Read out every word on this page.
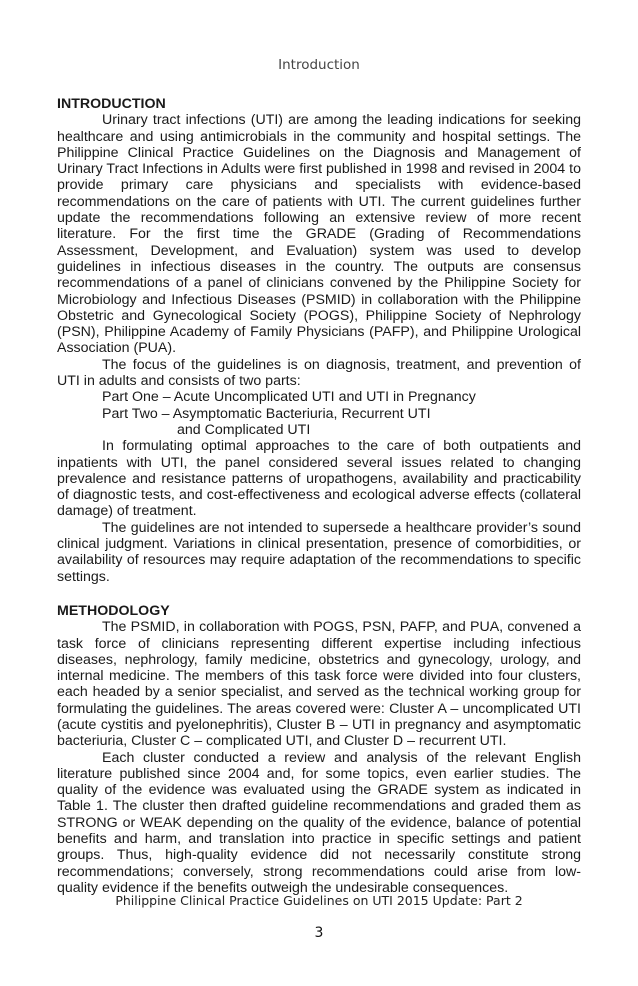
Introduction

INTRODUCTION

Urinary tract infections (UTI) are among the leading indications for seeking healthcare and using antimicrobials in the community and hospital settings. The Philippine Clinical Practice Guidelines on the Diagnosis and Management of Urinary Tract Infections in Adults were first published in 1998 and revised in 2004 to provide primary care physicians and specialists with evidence-based recommendations on the care of patients with UTI. The current guidelines further update the recommendations following an extensive review of more recent literature. For the first time the GRADE (Grading of Recommendations Assessment, Development, and Evaluation) system was used to develop guidelines in infectious diseases in the country. The outputs are consensus recommendations of a panel of clinicians convened by the Philippine Society for Microbiology and Infectious Diseases (PSMID) in collaboration with the Philippine Obstetric and Gynecological Society (POGS), Philippine Society of Nephrology (PSN), Philippine Academy of Family Physicians (PAFP), and Philippine Urological Association (PUA).

The focus of the guidelines is on diagnosis, treatment, and prevention of UTI in adults and consists of two parts:

Part One – Acute Uncomplicated UTI and UTI in Pregnancy

Part Two – Asymptomatic Bacteriuria, Recurrent UTI

and Complicated UTI

In formulating optimal approaches to the care of both outpatients and inpatients with UTI, the panel considered several issues related to changing prevalence and resistance patterns of uropathogens, availability and practicability of diagnostic tests, and cost-effectiveness and ecological adverse effects (collateral damage) of treatment.

The guidelines are not intended to supersede a healthcare provider’s sound clinical judgment. Variations in clinical presentation, presence of comorbidities, or availability of resources may require adaptation of the recommendations to specific settings.

METHODOLOGY

The PSMID, in collaboration with POGS, PSN, PAFP, and PUA, convened a task force of clinicians representing different expertise including infectious diseases, nephrology, family medicine, obstetrics and gynecology, urology, and internal medicine. The members of this task force were divided into four clusters, each headed by a senior specialist, and served as the technical working group for formulating the guidelines. The areas covered were: Cluster A – uncomplicated UTI (acute cystitis and pyelonephritis), Cluster B – UTI in pregnancy and asymptomatic bacteriuria, Cluster C – complicated UTI, and Cluster D – recurrent UTI.

Each cluster conducted a review and analysis of the relevant English literature published since 2004 and, for some topics, even earlier studies. The quality of the evidence was evaluated using the GRADE system as indicated in Table 1. The cluster then drafted guideline recommendations and graded them as STRONG or WEAK depending on the quality of the evidence, balance of potential benefits and harm, and translation into practice in specific settings and patient groups. Thus, high-quality evidence did not necessarily constitute strong recommendations; conversely, strong recommendations could arise from low-quality evidence if the benefits outweigh the undesirable consequences.

Philippine Clinical Practice Guidelines on UTI 2015 Update: Part 2
3
